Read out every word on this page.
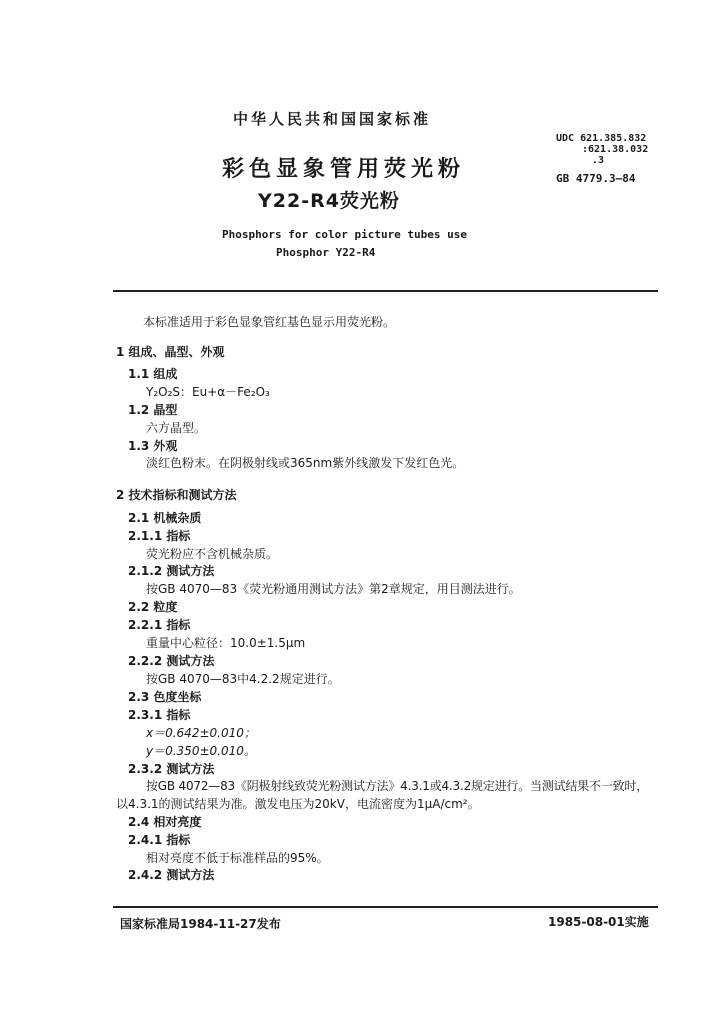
中华人民共和国国家标准
UDC 621.385.832
:621.38.032
.3
GB 4779.3—84
彩色显象管用荧光粉
Y22-R4荧光粉
Phosphors for color picture tubes use
Phosphor Y22-R4
本标准适用于彩色显象管红基色显示用荧光粉。
1 组成、晶型、外观
1.1 组成
Y₂O₂S：Eu+α－Fe₂O₃
1.2 晶型
六方晶型。
1.3 外观
淡红色粉末。在阴极射线或365nm紫外线激发下发红色光。
2 技术指标和测试方法
2.1 机械杂质
2.1.1 指标
荧光粉应不含机械杂质。
2.1.2 测试方法
按GB 4070—83《荧光粉通用测试方法》第2章规定，用目测法进行。
2.2 粒度
2.2.1 指标
重量中心粒径：10.0±1.5μm
2.2.2 测试方法
按GB 4070—83中4.2.2规定进行。
2.3 色度坐标
2.3.1 指标
x＝0.642±0.010；
y＝0.350±0.010。
2.3.2 测试方法
按GB 4072—83《阴极射线致荧光粉测试方法》4.3.1或4.3.2规定进行。当测试结果不一致时，
以4.3.1的测试结果为准。激发电压为20kV，电流密度为1μA/cm²。
2.4 相对亮度
2.4.1 指标
相对亮度不低于标准样品的95%。
2.4.2 测试方法
国家标准局1984-11-27发布	1985-08-01实施
